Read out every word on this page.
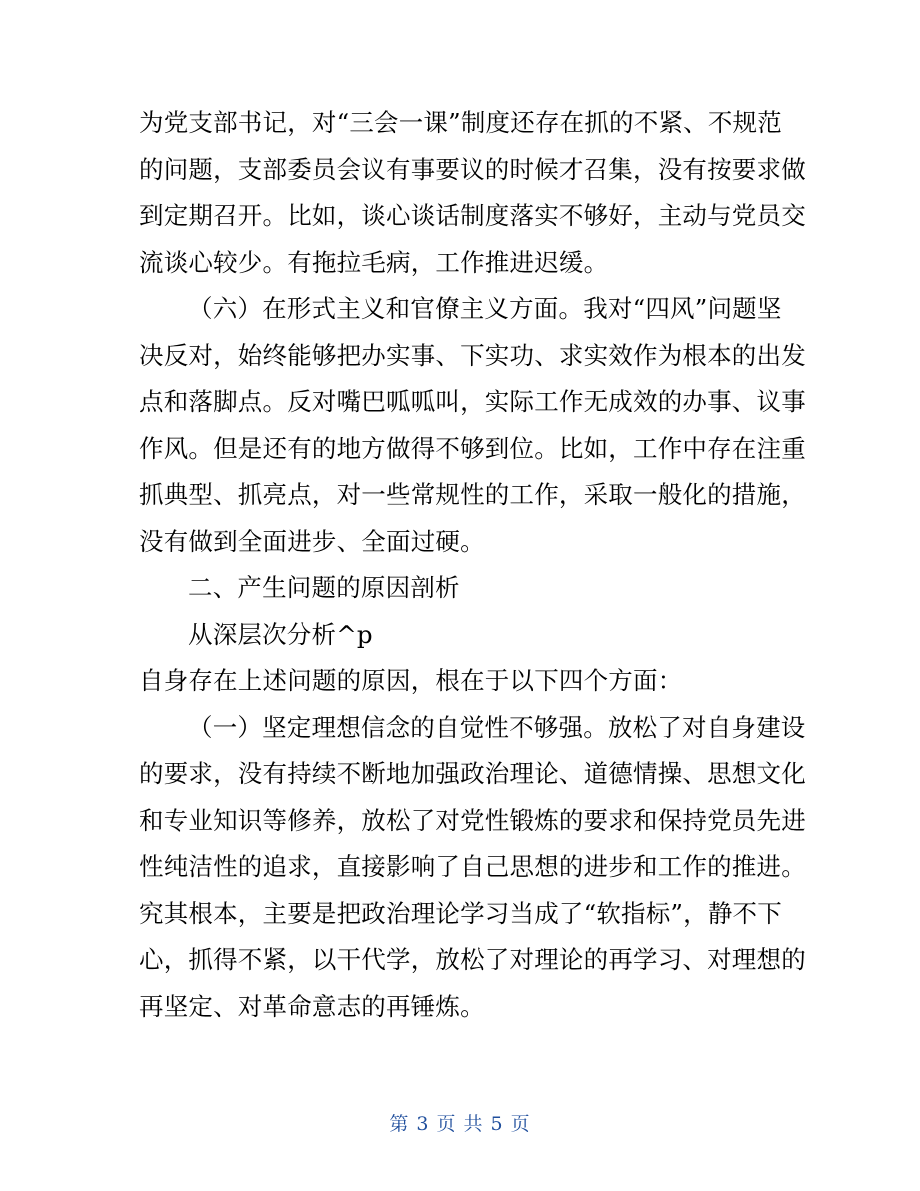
为党支部书记，对“三会一课”制度还存在抓的不紧、不规范
的问题，支部委员会议有事要议的时候才召集，没有按要求做
到定期召开。比如，谈心谈话制度落实不够好，主动与党员交
流谈心较少。有拖拉毛病，工作推进迟缓。
（六）在形式主义和官僚主义方面。我对“四风”问题坚
决反对，始终能够把办实事、下实功、求实效作为根本的出发
点和落脚点。反对嘴巴呱呱叫，实际工作无成效的办事、议事
作风。但是还有的地方做得不够到位。比如，工作中存在注重
抓典型、抓亮点，对一些常规性的工作，采取一般化的措施，
没有做到全面进步、全面过硬。
二、产生问题的原因剖析
从深层次分析^p
自身存在上述问题的原因，根在于以下四个方面：
（一）坚定理想信念的自觉性不够强。放松了对自身建设
的要求，没有持续不断地加强政治理论、道德情操、思想文化
和专业知识等修养，放松了对党性锻炼的要求和保持党员先进
性纯洁性的追求，直接影响了自己思想的进步和工作的推进。
究其根本，主要是把政治理论学习当成了“软指标”，静不下
心，抓得不紧，以干代学，放松了对理论的再学习、对理想的
再坚定、对革命意志的再锤炼。
第 3 页 共 5 页
